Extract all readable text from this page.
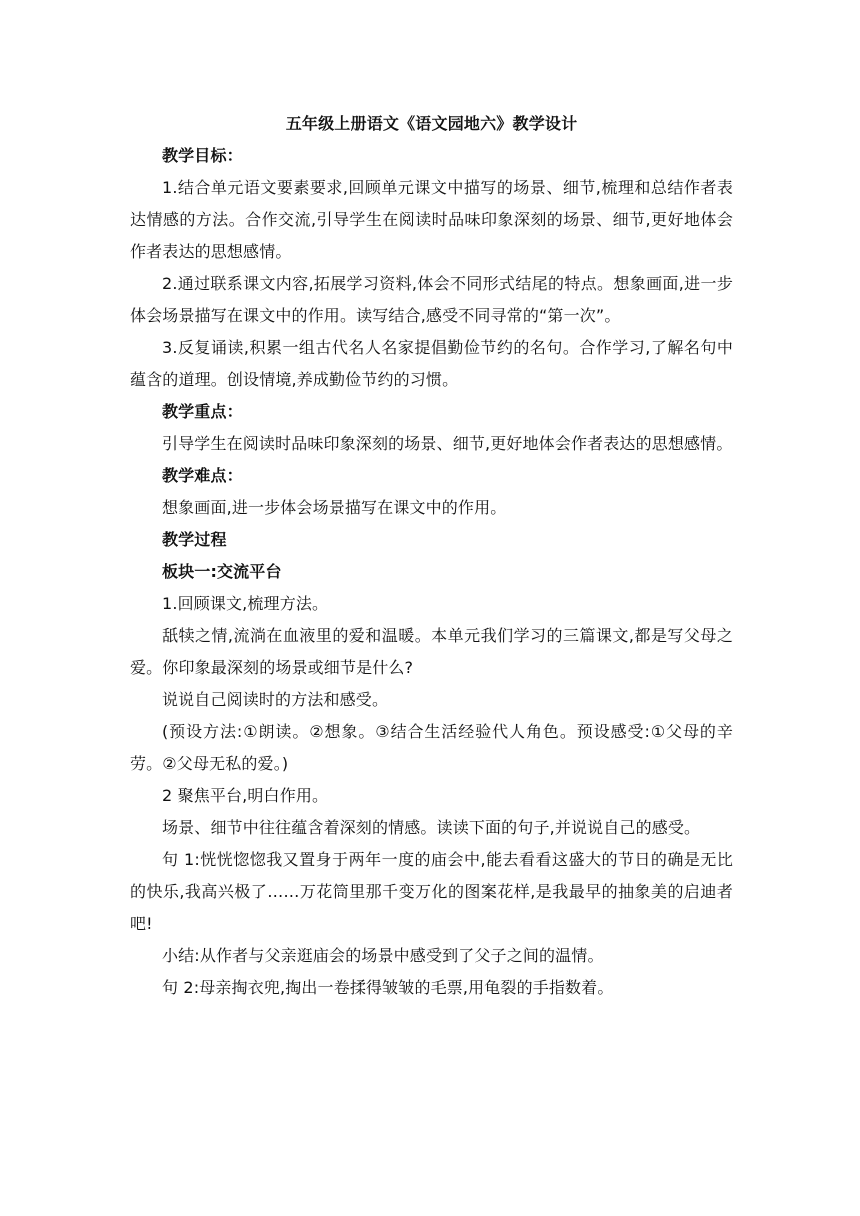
五年级上册语文《语文园地六》教学设计
教学目标：
1.结合单元语文要素要求,回顾单元课文中描写的场景、细节,梳理和总结作者表达情感的方法。合作交流,引导学生在阅读时品味印象深刻的场景、细节,更好地体会作者表达的思想感情。
2.通过联系课文内容,拓展学习资料,体会不同形式结尾的特点。想象画面,进一步体会场景描写在课文中的作用。读写结合,感受不同寻常的“第一次”。
3.反复诵读,积累一组古代名人名家提倡勤俭节约的名句。合作学习,了解名句中蕴含的道理。创设情境,养成勤俭节约的习惯。
教学重点：
引导学生在阅读时品味印象深刻的场景、细节,更好地体会作者表达的思想感情。
教学难点：
想象画面,进一步体会场景描写在课文中的作用。
教学过程
板块一:交流平台
1.回顾课文,梳理方法。
舐犊之情,流淌在血液里的爱和温暖。本单元我们学习的三篇课文,都是写父母之爱。你印象最深刻的场景或细节是什么?
说说自己阅读时的方法和感受。
(预设方法:①朗读。②想象。③结合生活经验代人角色。预设感受:①父母的辛劳。②父母无私的爱。)
2 聚焦平台,明白作用。
场景、细节中往往蕴含着深刻的情感。读读下面的句子,并说说自己的感受。
句 1:恍恍惚惚我又置身于两年一度的庙会中,能去看看这盛大的节日的确是无比的快乐,我高兴极了……万花筒里那千变万化的图案花样,是我最早的抽象美的启迪者吧!
小结:从作者与父亲逛庙会的场景中感受到了父子之间的温情。
句 2:母亲掏衣兜,掏出一卷揉得皱皱的毛票,用龟裂的手指数着。
